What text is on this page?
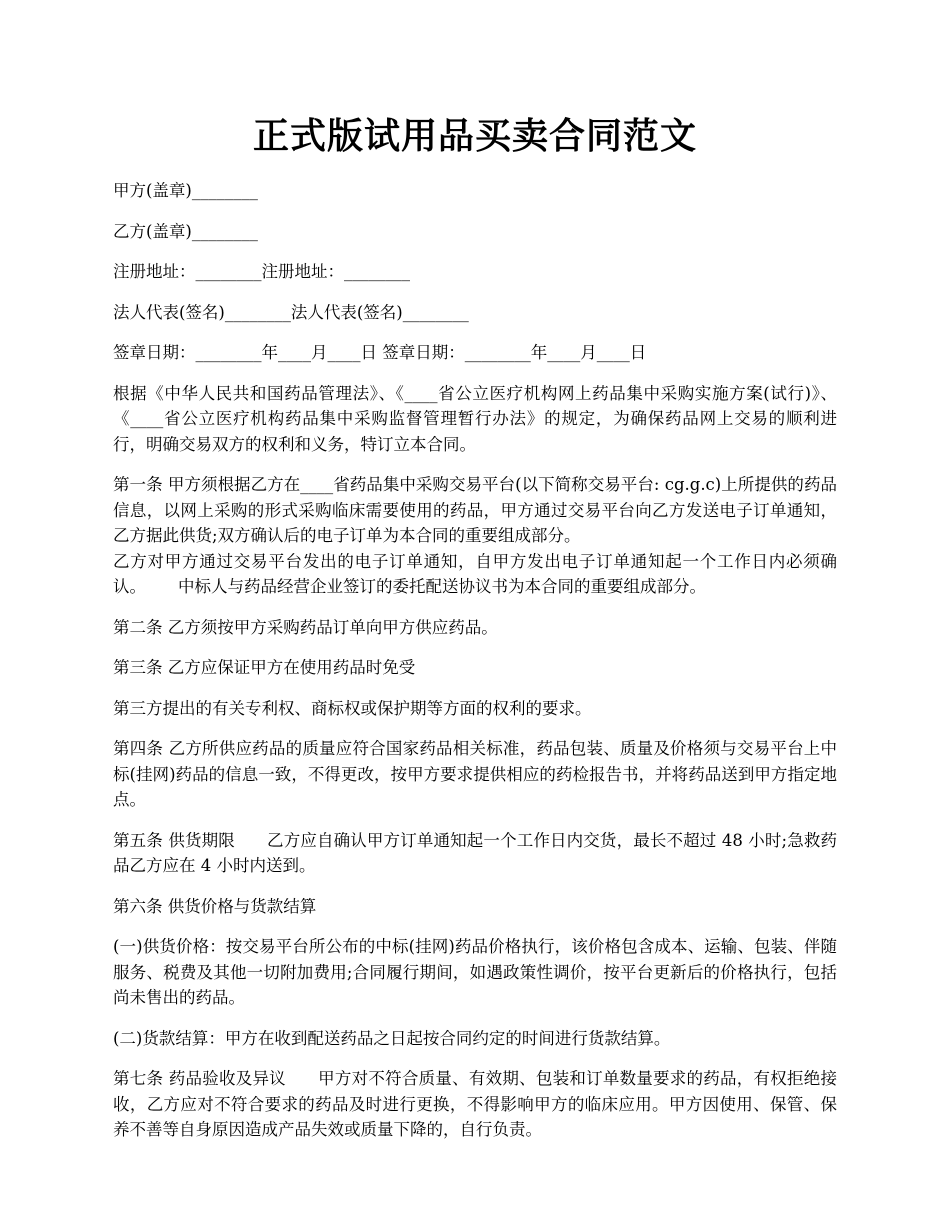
正式版试用品买卖合同范文

甲方(盖章)________

乙方(盖章)________

注册地址：________注册地址：________

法人代表(签名)________法人代表(签名)________

签章日期：________年____月____日 签章日期：________年____月____日

根据《中华人民共和国药品管理法》、《____省公立医疗机构网上药品集中采购实施方案(试行)》、《____省公立医疗机构药品集中采购监督管理暂行办法》的规定，为确保药品网上交易的顺利进行，明确交易双方的权利和义务，特订立本合同。

第一条 甲方须根据乙方在____省药品集中采购交易平台(以下简称交易平台: cg.g.c)上所提供的药品信息，以网上采购的形式采购临床需要使用的药品，甲方通过交易平台向乙方发送电子订单通知，乙方据此供货;双方确认后的电子订单为本合同的重要组成部分。

乙方对甲方通过交易平台发出的电子订单通知，自甲方发出电子订单通知起一个工作日内必须确认。 中标人与药品经营企业签订的委托配送协议书为本合同的重要组成部分。

第二条 乙方须按甲方采购药品订单向甲方供应药品。

第三条 乙方应保证甲方在使用药品时免受

第三方提出的有关专利权、商标权或保护期等方面的权利的要求。

第四条 乙方所供应药品的质量应符合国家药品相关标准，药品包装、质量及价格须与交易平台上中标(挂网)药品的信息一致，不得更改，按甲方要求提供相应的药检报告书，并将药品送到甲方指定地点。

第五条 供货期限 乙方应自确认甲方订单通知起一个工作日内交货，最长不超过 48 小时;急救药品乙方应在 4 小时内送到。

第六条 供货价格与货款结算

(一)供货价格：按交易平台所公布的中标(挂网)药品价格执行，该价格包含成本、运输、包装、伴随服务、税费及其他一切附加费用;合同履行期间，如遇政策性调价，按平台更新后的价格执行，包括尚未售出的药品。

(二)货款结算：甲方在收到配送药品之日起按合同约定的时间进行货款结算。

第七条 药品验收及异议 甲方对不符合质量、有效期、包装和订单数量要求的药品，有权拒绝接收，乙方应对不符合要求的药品及时进行更换，不得影响甲方的临床应用。甲方因使用、保管、保养不善等自身原因造成产品失效或质量下降的，自行负责。
